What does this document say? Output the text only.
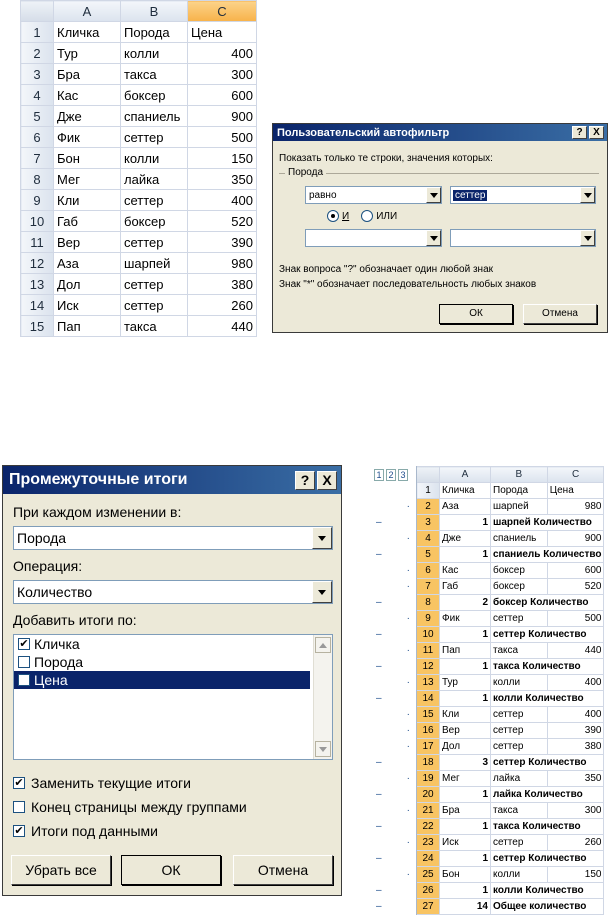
	A	B	C
1	Кличка	Порода	Цена
2	Тур	колли	400
3	Бра	такса	300
4	Кас	боксер	600
5	Дже	спаниель	900
6	Фик	сеттер	500
7	Бон	колли	150
8	Мег	лайка	350
9	Кли	сеттер	400
10	Габ	боксер	520
11	Вер	сеттер	390
12	Аза	шарпей	980
13	Дол	сеттер	380
14	Иск	сеттер	260
15	Пап	такса	440
Пользовательский автофильтр	?	X
Показать только те строки, значения которых:
Порода
равно	сеттер
И	ИЛИ
Знак вопроса "?" обозначает один любой знак
Знак "*" обозначает последовательность любых знаков
ОК	Отмена
Промежуточные итоги	? X
При каждом изменении в:
Порода
Операция:
Количество
Добавить итоги по:
✔ Кличка
Порода
Цена
✔ Заменить текущие итоги
Конец страницы между группами
✔ Итоги под данными
Убрать все	ОК	Отмена
1 2 3		A	B	C
	1	Кличка	Порода	Цена
·	2	Аза	шарпей	980
–	3	1	шарпей Количество	
·	4	Дже	спаниель	900
–	5	1	спаниель Количество	
·	6	Кас	боксер	600
·	7	Габ	боксер	520
–	8	2	боксер Количество	
·	9	Фик	сеттер	500
–	10	1	сеттер Количество	
·	11	Пап	такса	440
–	12	1	такса Количество	
·	13	Тур	колли	400
–	14	1	колли Количество	
·	15	Кли	сеттер	400
·	16	Вер	сеттер	390
·	17	Дол	сеттер	380
–	18	3	сеттер Количество	
·	19	Мег	лайка	350
–	20	1	лайка Количество	
·	21	Бра	такса	300
–	22	1	такса Количество	
·	23	Иск	сеттер	260
–	24	1	сеттер Количество	
·	25	Бон	колли	150
–	26	1	колли Количество	
–	27	14	Общее количество	
